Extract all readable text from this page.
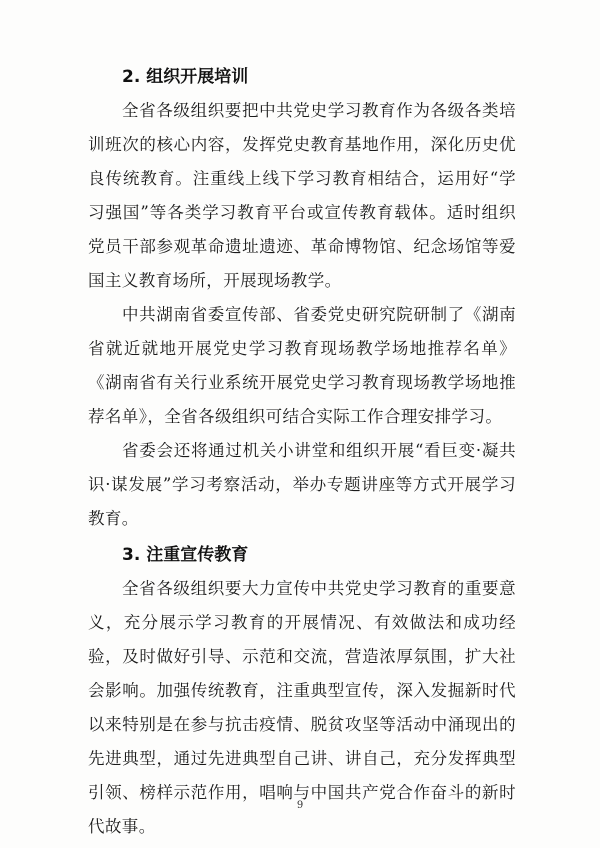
2. 组织开展培训

全省各级组织要把中共党史学习教育作为各级各类培训班次的核心内容，发挥党史教育基地作用，深化历史优良传统教育。注重线上线下学习教育相结合，运用好“学习强国”等各类学习教育平台或宣传教育载体。适时组织党员干部参观革命遗址遗迹、革命博物馆、纪念场馆等爱国主义教育场所，开展现场教学。

中共湖南省委宣传部、省委党史研究院研制了《湖南省就近就地开展党史学习教育现场教学场地推荐名单》《湖南省有关行业系统开展党史学习教育现场教学场地推荐名单》，全省各级组织可结合实际工作合理安排学习。

省委会还将通过机关小讲堂和组织开展“看巨变·凝共识·谋发展”学习考察活动，举办专题讲座等方式开展学习教育。

3. 注重宣传教育

全省各级组织要大力宣传中共党史学习教育的重要意义，充分展示学习教育的开展情况、有效做法和成功经验，及时做好引导、示范和交流，营造浓厚氛围，扩大社会影响。加强传统教育，注重典型宣传，深入发掘新时代以来特别是在参与抗击疫情、脱贫攻坚等活动中涌现出的先进典型，通过先进典型自己讲、讲自己，充分发挥典型引领、榜样示范作用，唱响与中国共产党合作奋斗的新时代故事。

9
